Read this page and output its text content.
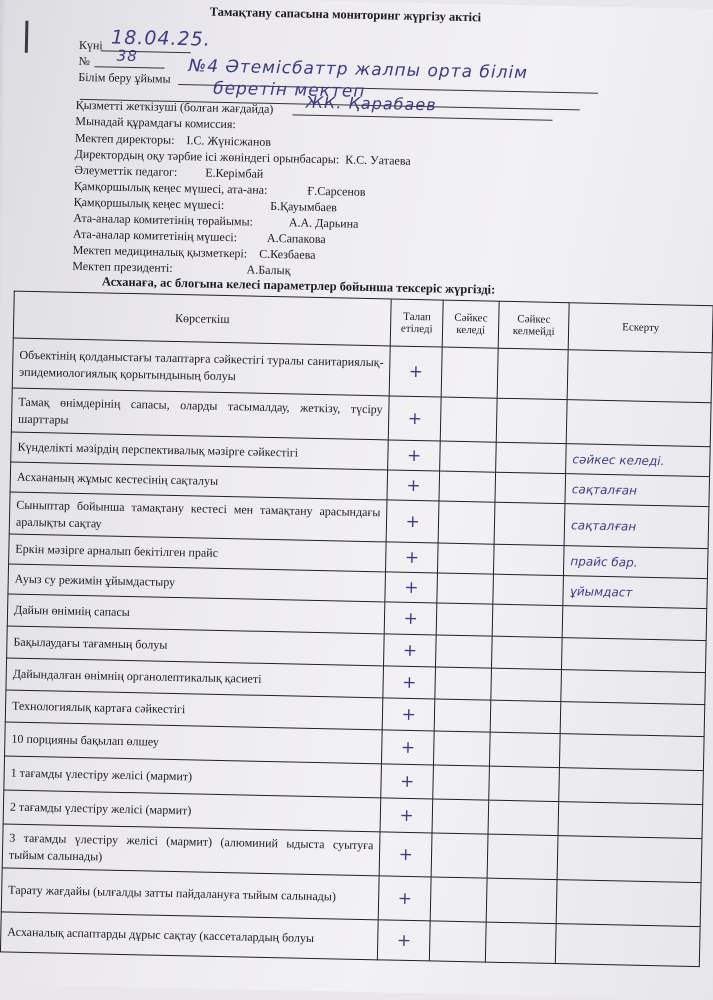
Тамақтану сапасына мониторинг жүргізу актісі
Күні 18.04.25.
№ 38
Білім беру ұйымы №4 Әтемісбаттр жалпы орта білім
беретін мектеп
Қызметті жеткізуші (болған жағдайда) ЖК. Қарабаев
Мынадай құрамдағы комиссия:
Мектеп директоры: І.С. Жүнісжанов
Директордың оқу тәрбие ісі жөніндегі орынбасары: К.С. Уатаева
Әлеуметтік педагог: Е.Керімбай
Қамқоршылық кеңес мүшесі, ата-ана:	Ғ.Сарсенов
Қамқоршылық кеңес мүшесі:	Б.Қауымбаев
Ата-аналар комитетінің төрайымы:	А.А. Дарьина
Ата-аналар комитетінің мүшесі: А.Сапакова
Мектеп медициналық қызметкері: С.Кезбаева
Мектеп президенті:	А.Балық
Асханаға, ас блогына келесі параметрлер бойынша тексеріс жүргізді:
Көрсеткіш	Талап етіледі	Сәйкес келеді	Сәйкес келмейді	Ескерту
Объектінің қолданыстағы талаптарға сәйкестігі туралы санитариялық-эпидемиологиялық қорытындының болуы	+			
Тамақ өнімдерінің сапасы, оларды тасымалдау, жеткізу, түсіру шарттары	+			
Күнделікті мәзірдің перспективалық мәзірге сәйкестігі	+			сәйкес келеді.
Асхананың жұмыс кестесінің сақталуы	+			сақталған
Сыныптар бойынша тамақтану кестесі мен тамақтану арасындағы аралықты сақтау	+			сақталған
Еркін мәзірге арналып бекітілген прайс	+			прайс бар.
Ауыз су режимін ұйымдастыру	+			ұйымдаст
Дайын өнімнің сапасы	+			
Бақылаудағы тағамның болуы	+			
Дайындалған өнімнің органолептикалық қасиеті	+			
Технологиялық картаға сәйкестігі	+			
10 порцияны бақылап өлшеу	+			
1 тағамды үлестіру желісі (мармит)	+			
2 тағамды үлестіру желісі (мармит)	+			
3 тағамды үлестіру желісі (мармит) (алюминий ыдыста суытуға тыйым салынады)	+			
Тарату жағдайы (ылғалды затты пайдалануға тыйым салынады)	+			
Асханалық аспаптарды дұрыс сақтау (кассеталардың болуы	+			
